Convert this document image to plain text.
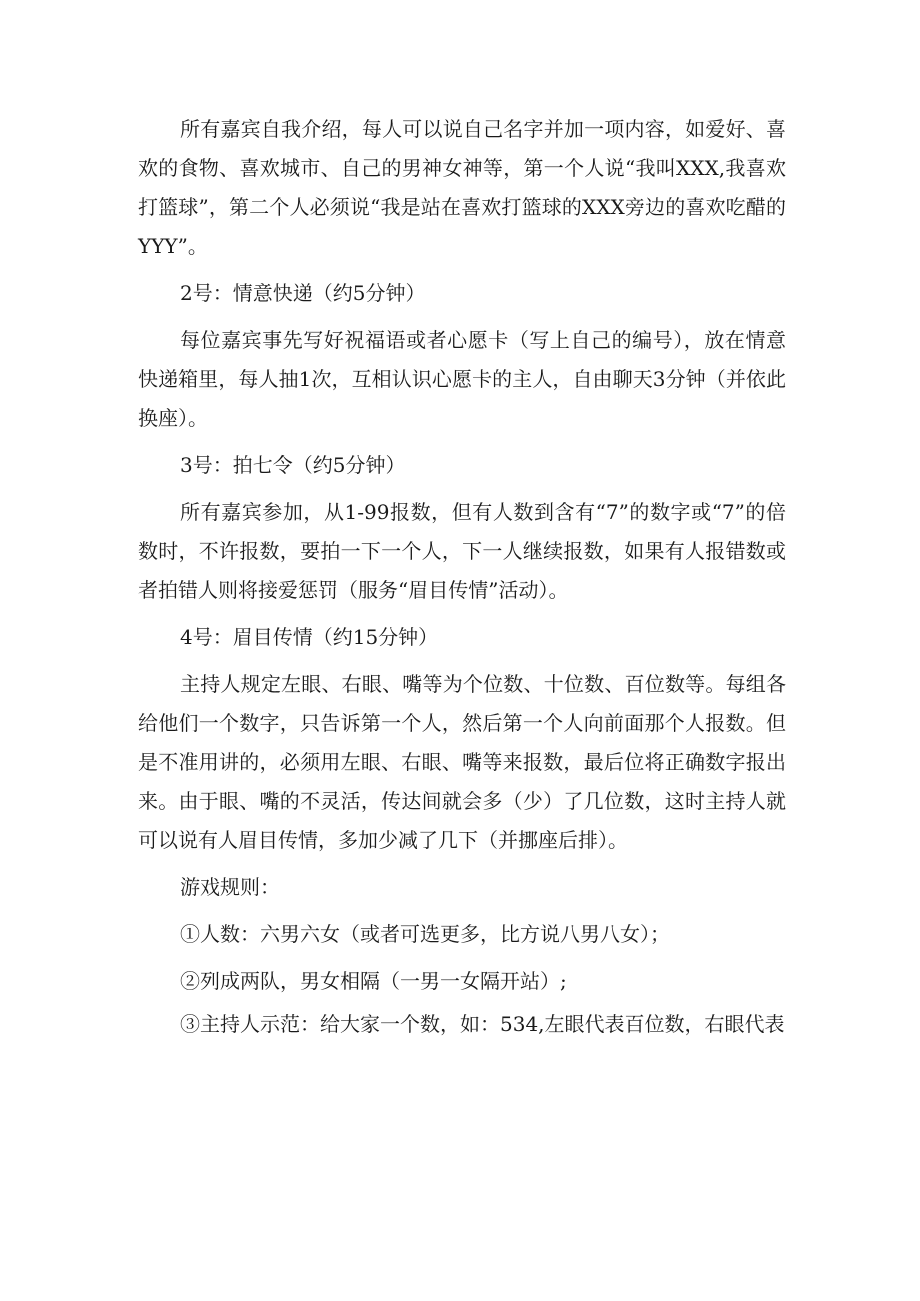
所有嘉宾自我介绍，每人可以说自己名字并加一项内容，如爱好、喜欢的食物、喜欢城市、自己的男神女神等，第一个人说“我叫XXX,我喜欢打篮球”，第二个人必须说“我是站在喜欢打篮球的XXX旁边的喜欢吃醋的YYY”。

2号：情意快递（约5分钟）

每位嘉宾事先写好祝福语或者心愿卡（写上自己的编号），放在情意快递箱里，每人抽1次，互相认识心愿卡的主人，自由聊天3分钟（并依此换座）。

3号：拍七令（约5分钟）

所有嘉宾参加，从1-99报数，但有人数到含有“7”的数字或“7”的倍数时，不许报数，要拍一下一个人，下一人继续报数，如果有人报错数或者拍错人则将接爱惩罚（服务“眉目传情”活动）。

4号：眉目传情（约15分钟）

主持人规定左眼、右眼、嘴等为个位数、十位数、百位数等。每组各给他们一个数字，只告诉第一个人，然后第一个人向前面那个人报数。但是不准用讲的，必须用左眼、右眼、嘴等来报数，最后位将正确数字报出来。由于眼、嘴的不灵活，传达间就会多（少）了几位数，这时主持人就可以说有人眉目传情，多加少减了几下（并挪座后排）。

游戏规则：

①人数：六男六女（或者可选更多，比方说八男八女）；

②列成两队，男女相隔（一男一女隔开站）;

③主持人示范：给大家一个数，如：534,左眼代表百位数，右眼代表
